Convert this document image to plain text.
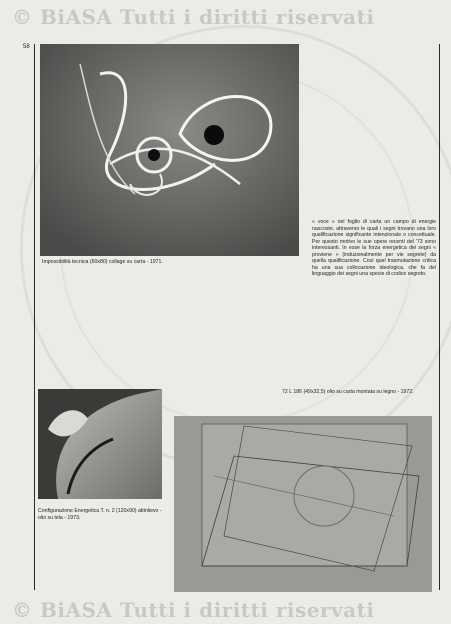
© BiASA Tutti i diritti riservati
58
Impossibilità tecnica (60x80) collage su carta - 1971.
« voce » nel foglio di carta un campo di energie nascoste, attraverso le quali i segni trovano una loro qualificazione significante intenzionale o concettuale. Per questo motivo le sue opere recenti del '73 sono interessanti. In esse la forza energetica dei segni « proviene » (induzionalmente per vie segrete) da quella qualificazione. Così quel trasmutazione critica ha una sua collocazione ideologica, che fa del linguaggio dei segni una specie di codice segreto.
Configurazione Energetica T. n. 2 (120x90) attinlievo - olio su tela - 1973.
72 L 186 (49x32,5) olio su carta montata su legno - 1972.
© BiASA Tutti i diritti riservati
